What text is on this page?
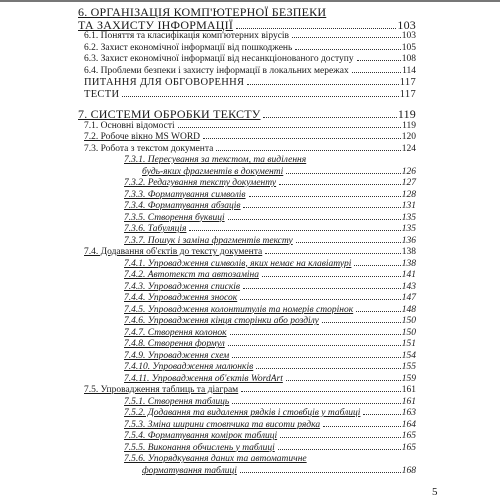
6. ОРГАНІЗАЦІЯ КОМП'ЮТЕРНОЇ БЕЗПЕКИ
ТА ЗАХИСТУ ІНФОРМАЦІЇ	103
6.1. Поняття та класифікація комп'ютерних вірусів	103
6.2. Захист економічної інформації від пошкоджень	105
6.3. Захист економічної інформації від несанкціонованого доступу	108
6.4. Проблеми безпеки і захисту інформації в локальних мережах	114
ПИТАННЯ ДЛЯ ОБГОВОРЕННЯ	117
ТЕСТИ	117
7. СИСТЕМИ ОБРОБКИ ТЕКСТУ	119
7.1. Основні відомості	119
7.2. Робоче вікно MS WORD	120
7.3. Робота з текстом документа	124
7.3.1. Пересування за текстом, та виділення
будь-яких фрагментів в документі	126
7.3.2. Редагування тексту документу	127
7.3.3. Форматування символів	128
7.3.4. Форматування абзаців	131
7.3.5. Створення буквиці	135
7.3.6. Табуляція	135
7.3.7. Пошук і заміна фрагментів тексту	136
7.4. Додавання об'єктів до тексту документа	138
7.4.1. Упровадження символів, яких немає на клавіатурі	138
7.4.2. Автотекст та автозаміна	141
7.4.3. Упровадження списків	143
7.4.4. Упровадження зносок	147
7.4.5. Упровадження колонтитулів та номерів сторінок	148
7.4.6. Упровадження кінця сторінки або розділу	150
7.4.7. Створення колонок	150
7.4.8. Створення формул	151
7.4.9. Упровадження схем	154
7.4.10. Упровадження малюнків	155
7.4.11. Упровадження об'єктів WordArt	159
7.5. Упровадження таблиць та діаграм	161
7.5.1. Створення таблиць	161
7.5.2. Додавання та видалення рядків і стовбців у таблиці	163
7.5.3. Зміна ширини стовпчика та висоти рядка	164
7.5.4. Форматування комірок таблиці	165
7.5.5. Виконання обчислень у таблиці	165
7.5.6. Упорядкування даних та автоматичне
форматування таблиці	168
5
